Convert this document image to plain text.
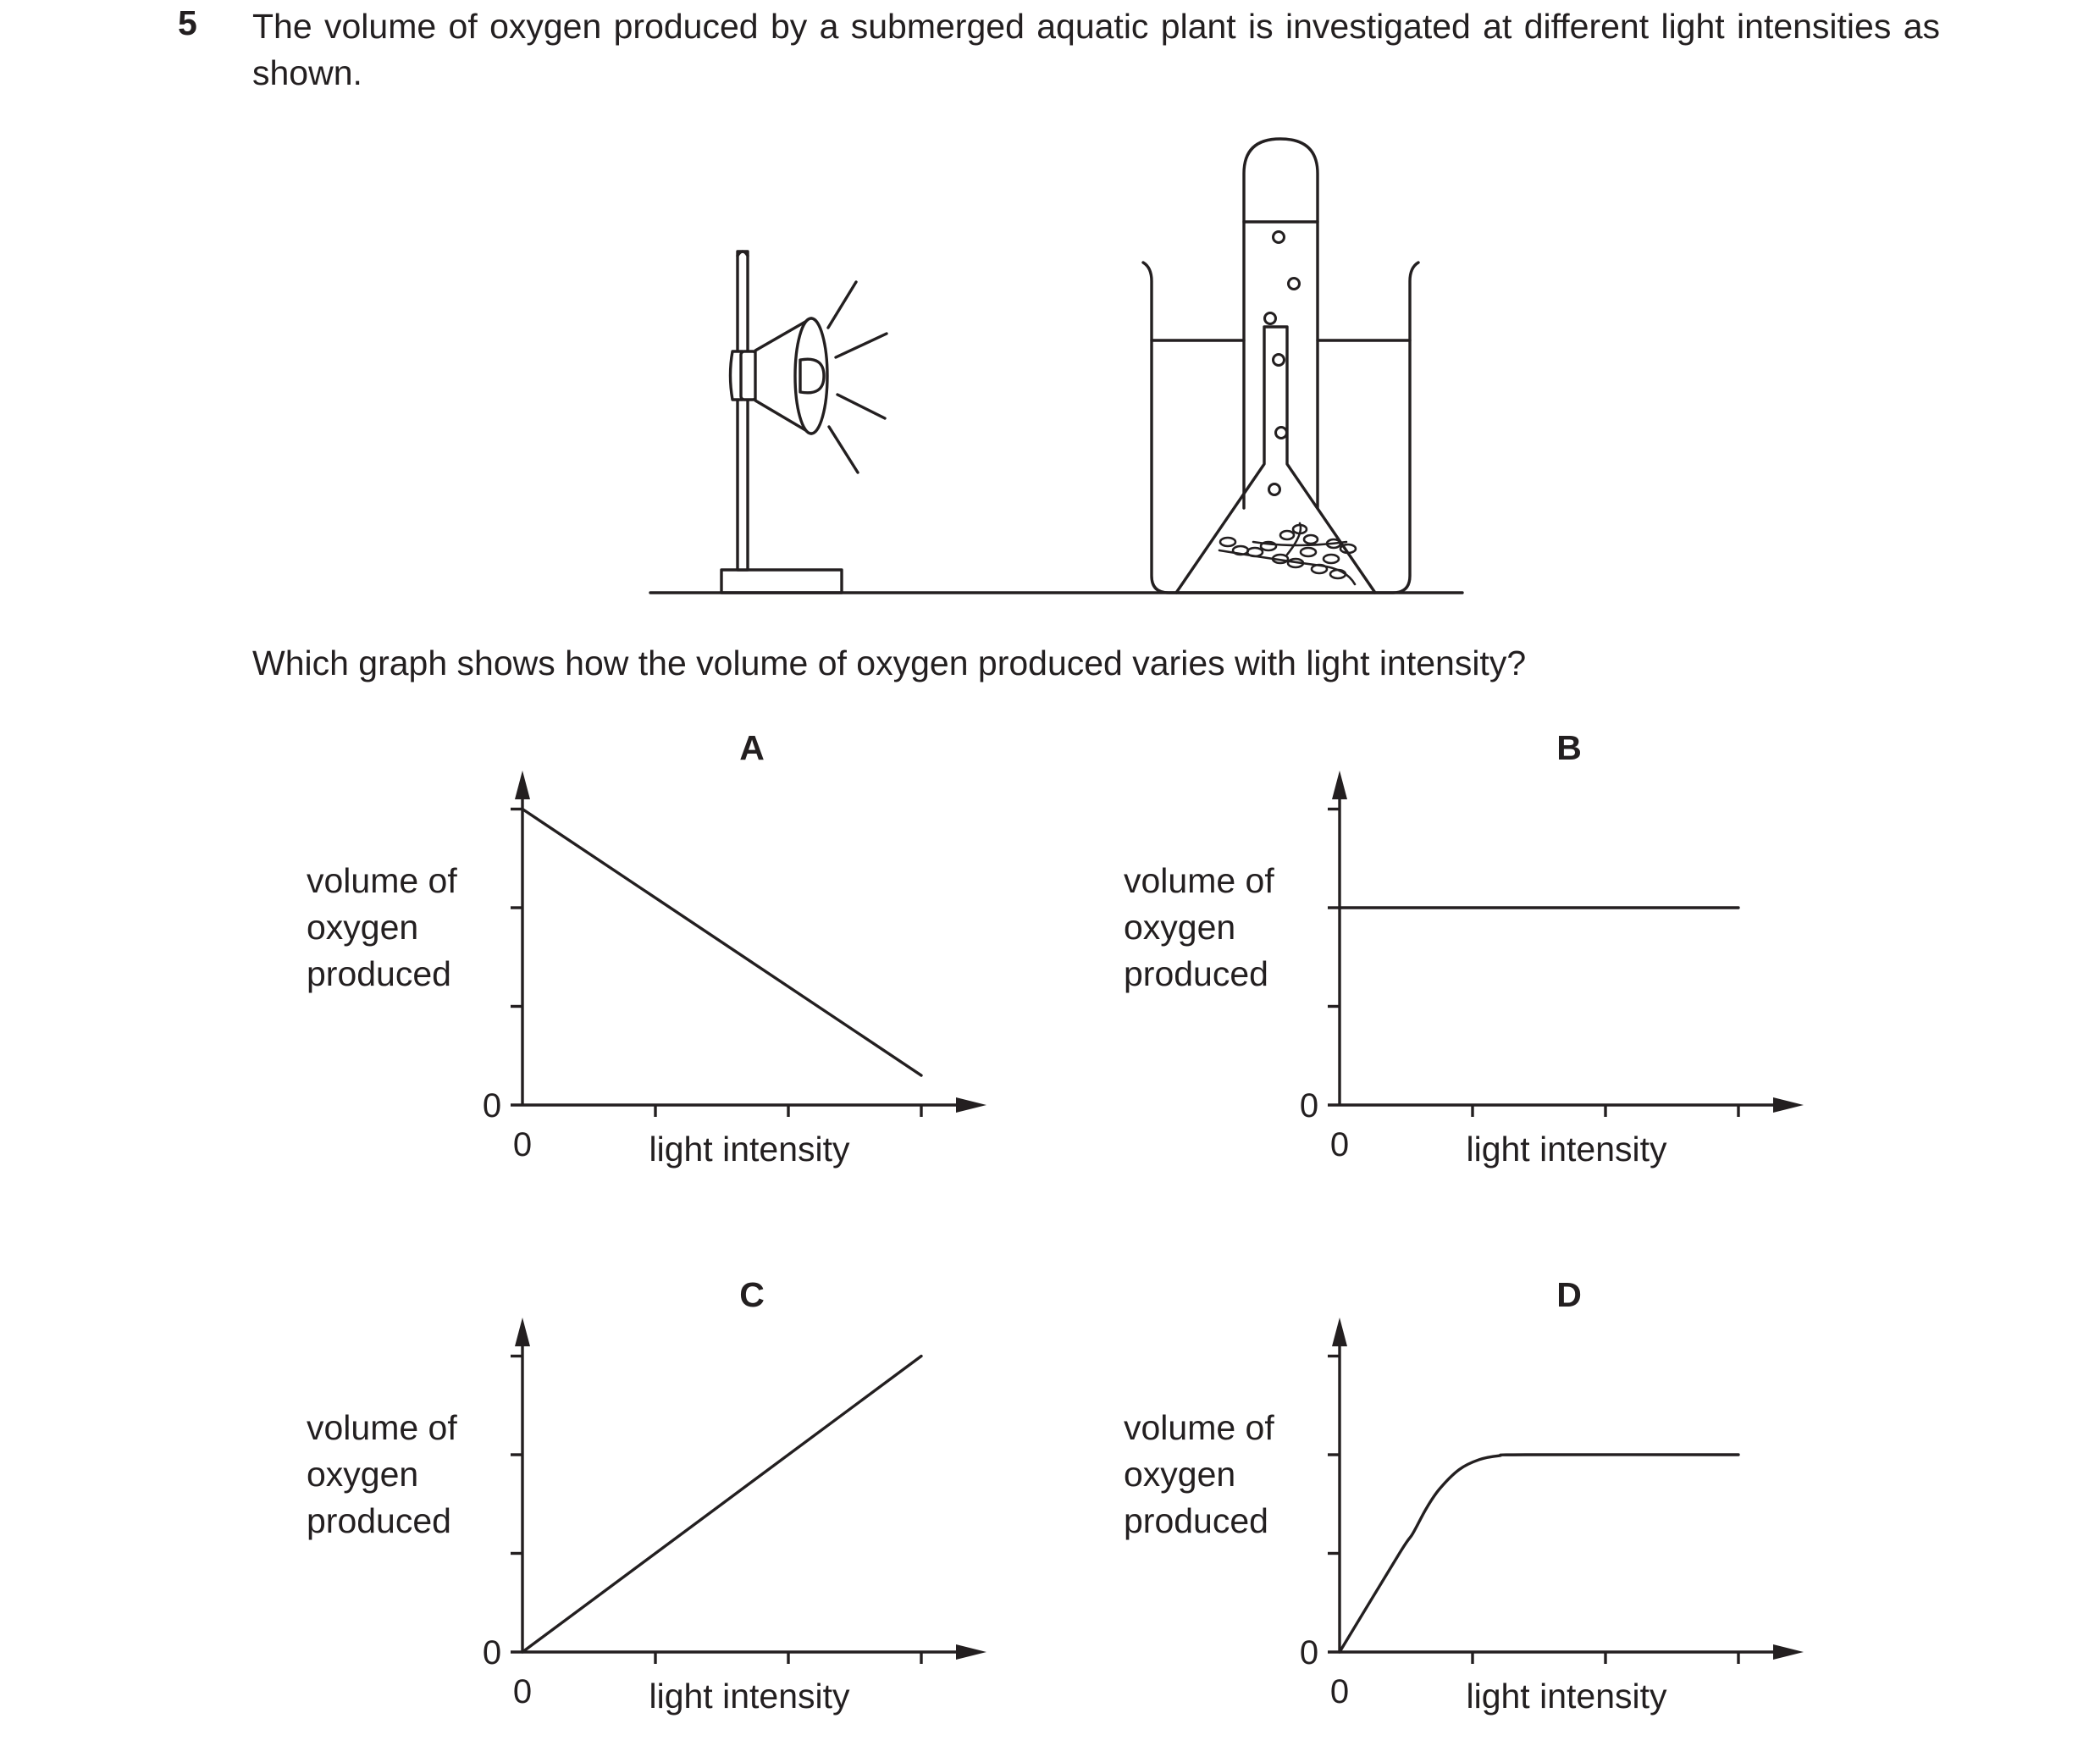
5 The volume of oxygen produced by a submerged aquatic plant is investigated at different light intensities as shown.
Which graph shows how the volume of oxygen produced varies with light intensity?
A
0
0	light intensity
volume of
oxygen
produced
B
0
0	light intensity
volume of
oxygen
produced
C
0
0	light intensity
volume of
oxygen
produced
D
0
0	light intensity
volume of
oxygen
produced
